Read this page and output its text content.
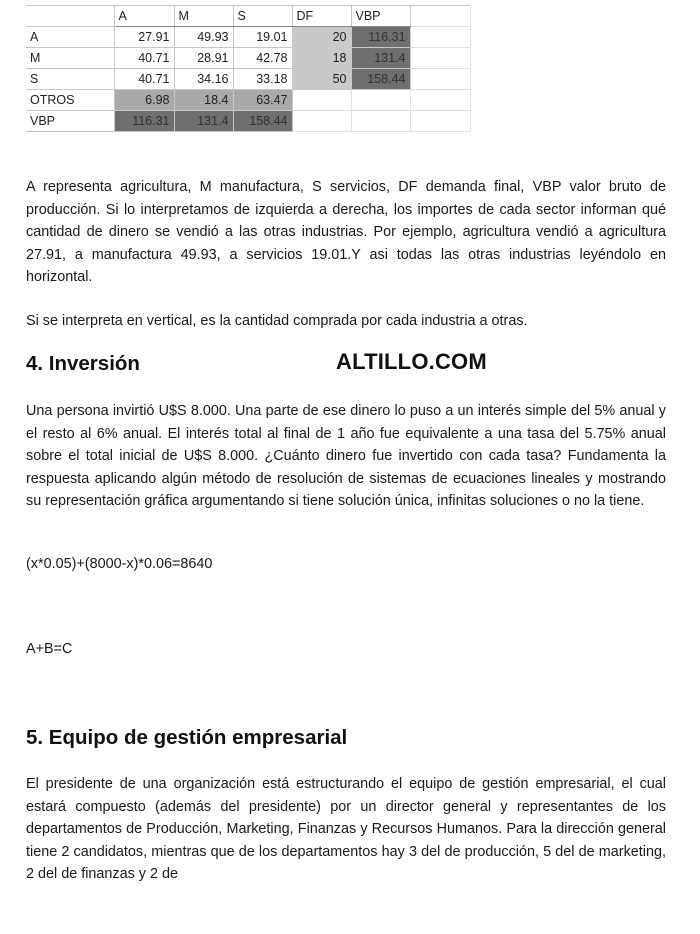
	A	M	S	DF	VBP	
A	27.91	49.93	19.01	20	116.31	
M	40.71	28.91	42.78	18	131.4	
S	40.71	34.16	33.18	50	158.44	
OTROS	6.98	18.4	63.47			
VBP	116.31	131.4	158.44			

A representa agricultura, M manufactura, S servicios, DF demanda final, VBP valor bruto de producción. Si lo interpretamos de izquierda a derecha, los importes de cada sector informan qué cantidad de dinero se vendió a las otras industrias. Por ejemplo, agricultura vendió a agricultura 27.91, a manufactura 49.93, a servicios 19.01.Y asi todas las otras industrias leyéndolo en horizontal.

Si se interpreta en vertical, es la cantidad comprada por cada industria a otras.

4. Inversión	ALTILLO.COM

Una persona invirtió U$S 8.000. Una parte de ese dinero lo puso a un interés simple del 5% anual y el resto al 6% anual. El interés total al final de 1 año fue equivalente a una tasa del 5.75% anual sobre el total inicial de U$S 8.000. ¿Cuánto dinero fue invertido con cada tasa? Fundamenta la respuesta aplicando algún método de resolución de sistemas de ecuaciones lineales y mostrando su representación gráfica argumentando si tiene solución única, infinitas soluciones o no la tiene.

(x*0.05)+(8000-x)*0.06=8640

A+B=C

5. Equipo de gestión empresarial

El presidente de una organización está estructurando el equipo de gestión empresarial, el cual estará compuesto (además del presidente) por un director general y representantes de los departamentos de Producción, Marketing, Finanzas y Recursos Humanos. Para la dirección general tiene 2 candidatos, mientras que de los departamentos hay 3 del de producción, 5 del de marketing, 2 del de finanzas y 2 de
